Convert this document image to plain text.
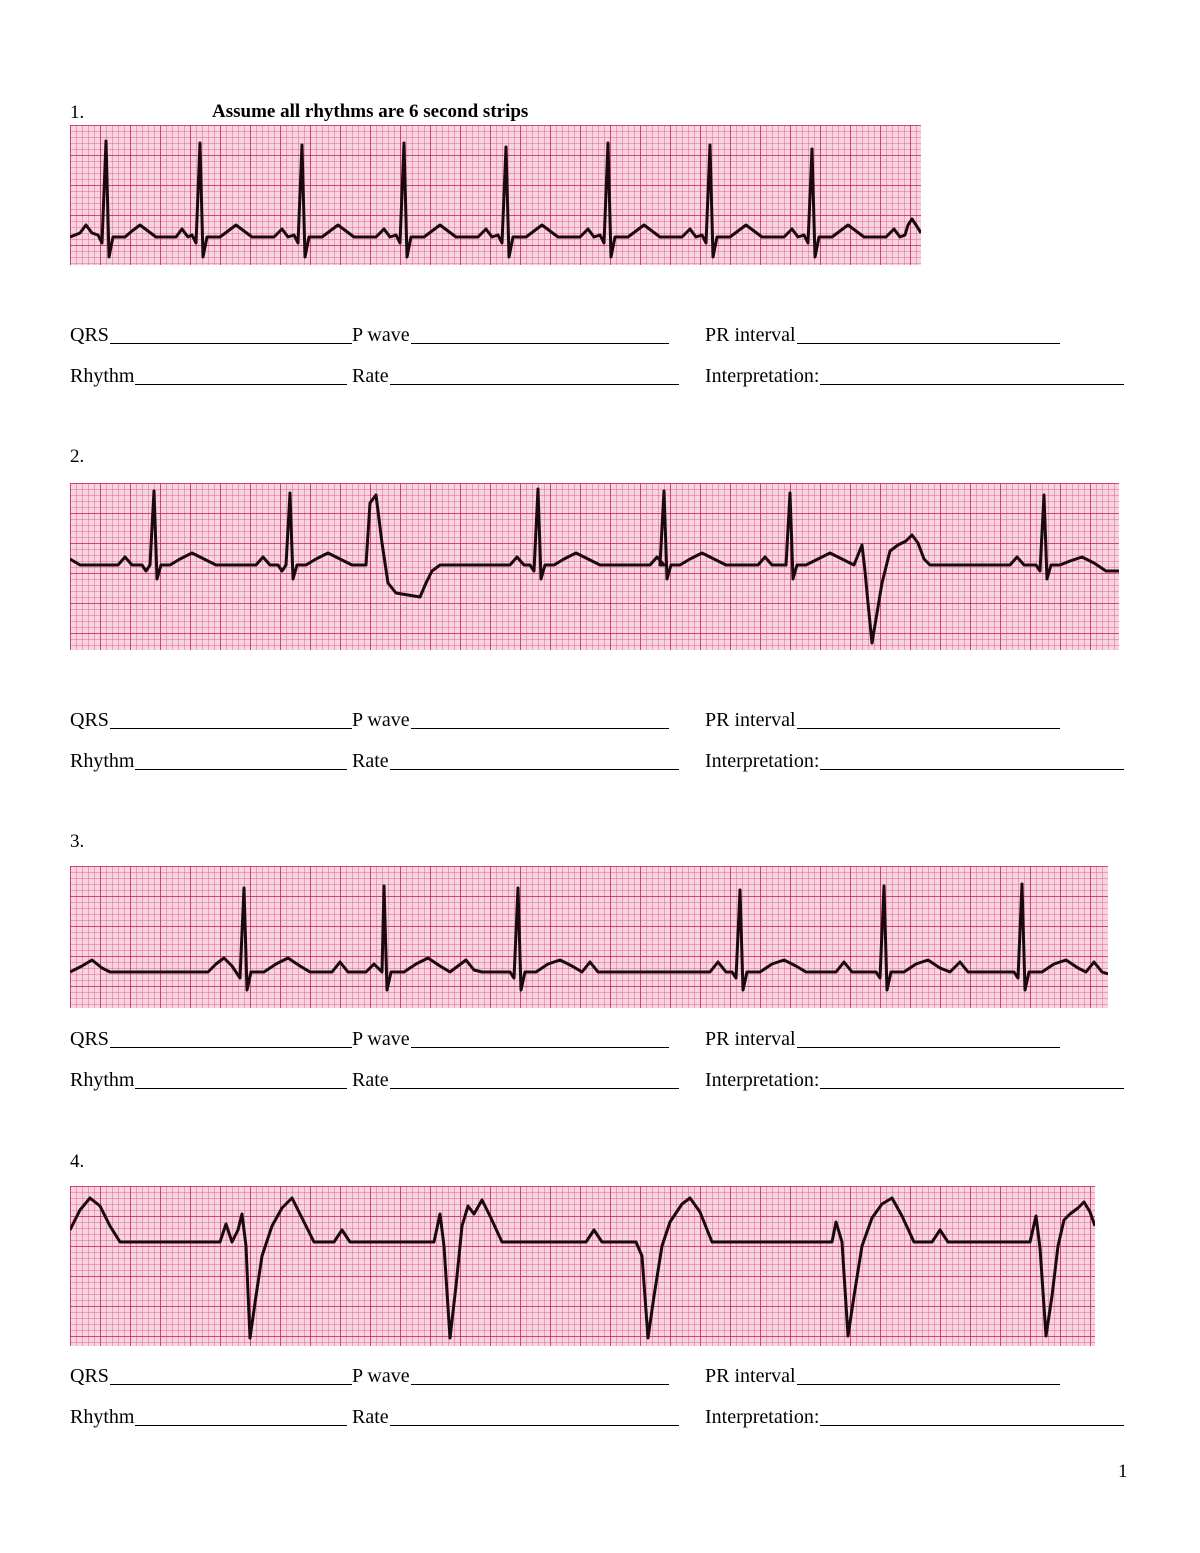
1.	Assume all rhythms are 6 second strips
QRS	P wave	PR interval
Rhythm	Rate	Interpretation:
2.
QRS	P wave	PR interval
Rhythm	Rate	Interpretation:
3.
QRS	P wave	PR interval
Rhythm	Rate	Interpretation:
4.
QRS	P wave	PR interval
Rhythm	Rate	Interpretation:
1
